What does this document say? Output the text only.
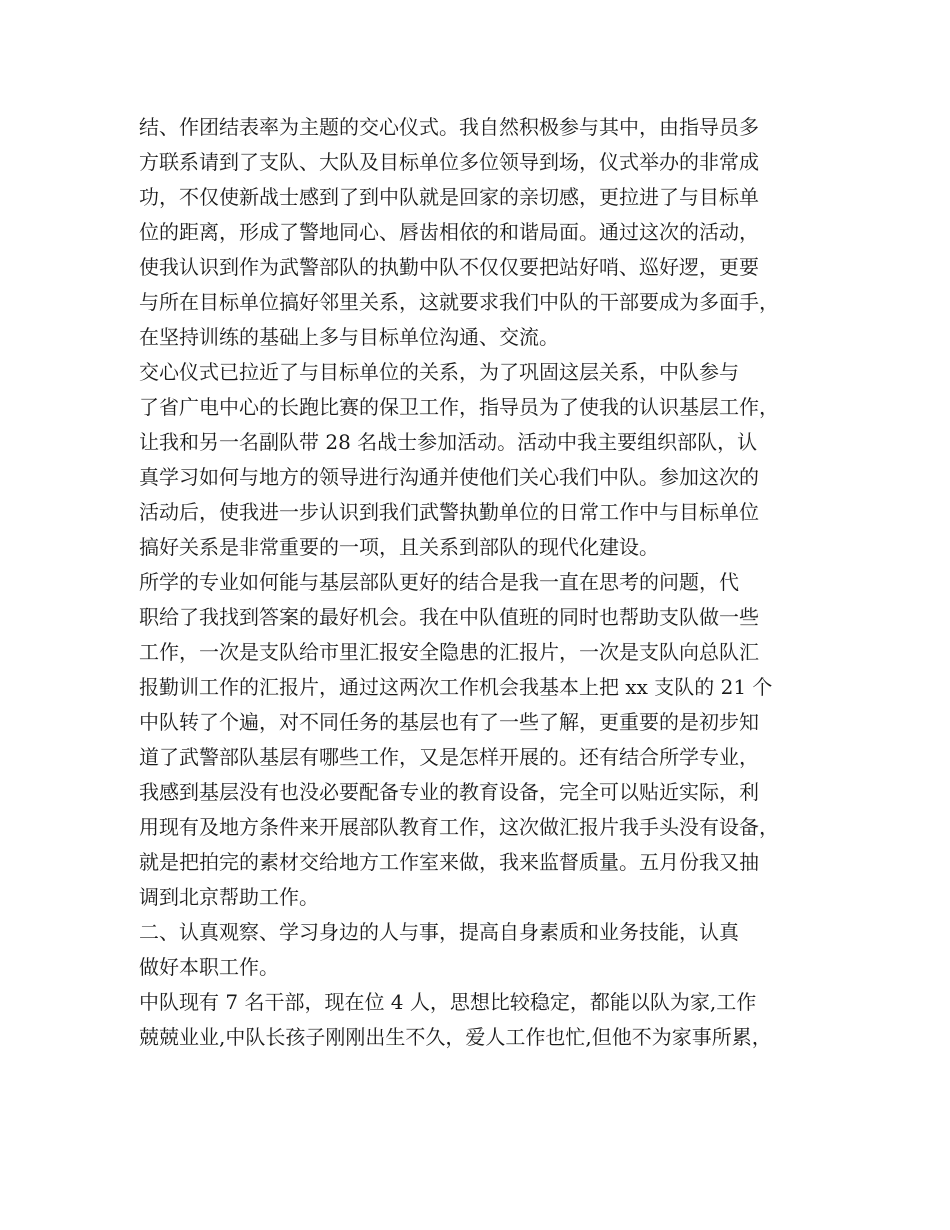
结、作团结表率为主题的交心仪式。我自然积极参与其中，由指导员多
方联系请到了支队、大队及目标单位多位领导到场，仪式举办的非常成
功，不仅使新战士感到了到中队就是回家的亲切感，更拉进了与目标单
位的距离，形成了警地同心、唇齿相依的和谐局面。通过这次的活动，
使我认识到作为武警部队的执勤中队不仅仅要把站好哨、巡好逻，更要
与所在目标单位搞好邻里关系，这就要求我们中队的干部要成为多面手，
在坚持训练的基础上多与目标单位沟通、交流。
交心仪式已拉近了与目标单位的关系，为了巩固这层关系，中队参与
了省广电中心的长跑比赛的保卫工作，指导员为了使我的认识基层工作，
让我和另一名副队带 28 名战士参加活动。活动中我主要组织部队，认
真学习如何与地方的领导进行沟通并使他们关心我们中队。参加这次的
活动后，使我进一步认识到我们武警执勤单位的日常工作中与目标单位
搞好关系是非常重要的一项，且关系到部队的现代化建设。
所学的专业如何能与基层部队更好的结合是我一直在思考的问题，代
职给了我找到答案的最好机会。我在中队值班的同时也帮助支队做一些
工作，一次是支队给市里汇报安全隐患的汇报片，一次是支队向总队汇
报勤训工作的汇报片，通过这两次工作机会我基本上把 xx 支队的 21 个
中队转了个遍，对不同任务的基层也有了一些了解，更重要的是初步知
道了武警部队基层有哪些工作，又是怎样开展的。还有结合所学专业，
我感到基层没有也没必要配备专业的教育设备，完全可以贴近实际，利
用现有及地方条件来开展部队教育工作，这次做汇报片我手头没有设备，
就是把拍完的素材交给地方工作室来做，我来监督质量。五月份我又抽
调到北京帮助工作。
二、认真观察、学习身边的人与事，提高自身素质和业务技能，认真
做好本职工作。
中队现有 7 名干部，现在位 4 人，思想比较稳定，都能以队为家,工作
兢兢业业,中队长孩子刚刚出生不久，爱人工作也忙,但他不为家事所累，
